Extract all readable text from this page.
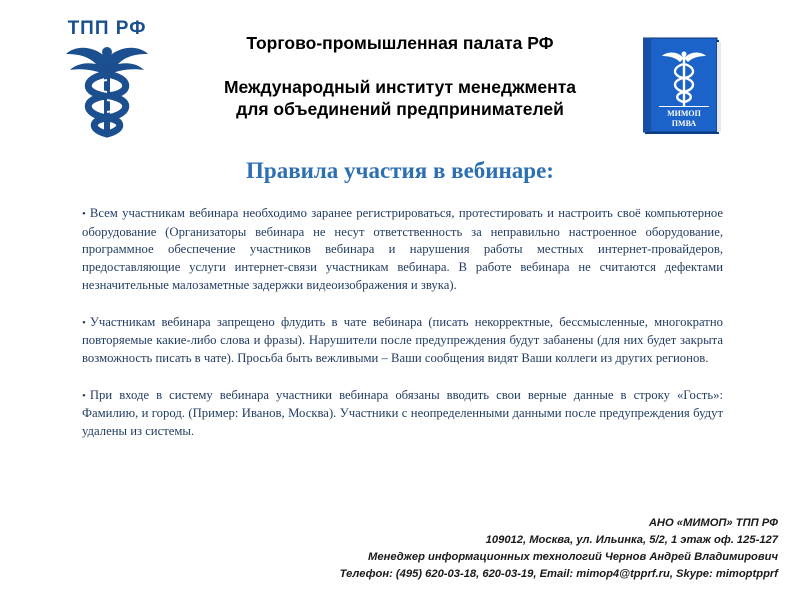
ТПП РФ
Торгово-промышленная палата РФ
Международный институт менеджмента
для объединений предпринимателей	МИМОП
ПМВА
Правила участия в вебинаре:

• Всем участникам вебинара необходимо заранее регистрироваться, протестировать и настроить своё компьютерное оборудование (Организаторы вебинара не несут ответственность за неправильно настроенное оборудование, программное обеспечение участников вебинара и нарушения работы местных интернет-провайдеров, предоставляющие услуги интернет-связи участникам вебинара. В работе вебинара не считаются дефектами незначительные малозаметные задержки видеоизображения и звука).

• Участникам вебинара запрещено флудить в чате вебинара (писать некорректные, бессмысленные, многократно повторяемые какие-либо слова и фразы). Нарушители после предупреждения будут забанены (для них будет закрыта возможность писать в чате). Просьба быть вежливыми – Ваши сообщения видят Ваши коллеги из других регионов.

• При входе в систему вебинара участники вебинара обязаны вводить свои верные данные в строку «Гость»: Фамилию, и город. (Пример: Иванов, Москва). Участники с неопределенными данными после предупреждения будут удалены из системы.

АНО «МИМОП» ТПП РФ
109012, Москва, ул. Ильинка, 5/2, 1 этаж оф. 125-127
Менеджер информационных технологий Чернов Андрей Владимирович
Телефон: (495) 620-03-18, 620-03-19, Email: mimop4@tpprf.ru, Skype: mimoptpprf
